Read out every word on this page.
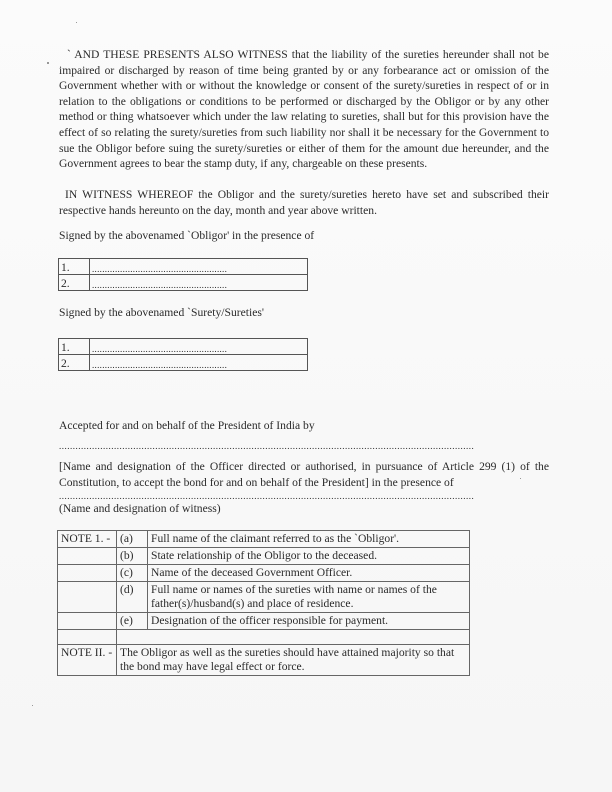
` AND THESE PRESENTS ALSO WITNESS that the liability of the sureties hereunder shall not be impaired or discharged by reason of time being granted by or any forbearance act or omission of the Government whether with or without the knowledge or consent of the surety/sureties in respect of or in relation to the obligations or conditions to be performed or discharged by the Obligor or by any other method or thing whatsoever which under the law relating to sureties, shall but for this provision have the effect of so relating the surety/sureties from such liability nor shall it be necessary for the Government to sue the Obligor before suing the surety/sureties or either of them for the amount due hereunder, and the Government agrees to bear the stamp duty, if any, chargeable on these presents.
IN WITNESS WHEREOF the Obligor and the surety/sureties hereto have set and subscribed their respective hands hereunto on the day, month and year above written.
Signed by the abovenamed `Obligor' in the presence of
1.	.....................................................
2.	.....................................................
Signed by the abovenamed `Surety/Sureties'
1.	.....................................................
2.	.....................................................
Accepted for and on behalf of the President of India by
.......................................................................................................................................................
[Name and designation of the Officer directed or authorised, in pursuance of Article 299 (1) of the Constitution, to accept the bond for and on behalf of the President] in the presence of
.......................................................................................................................................................
(Name and designation of witness)
NOTE 1. -	(a)	Full name of the claimant referred to as the `Obligor'.
	(b)	State relationship of the Obligor to the deceased.
	(c)	Name of the deceased Government Officer.
	(d)	Full name or names of the sureties with name or names of the father(s)/husband(s) and place of residence.
	(e)	Designation of the officer responsible for payment.

NOTE II. -	The Obligor as well as the sureties should have attained majority so that the bond may have legal effect or force.	
